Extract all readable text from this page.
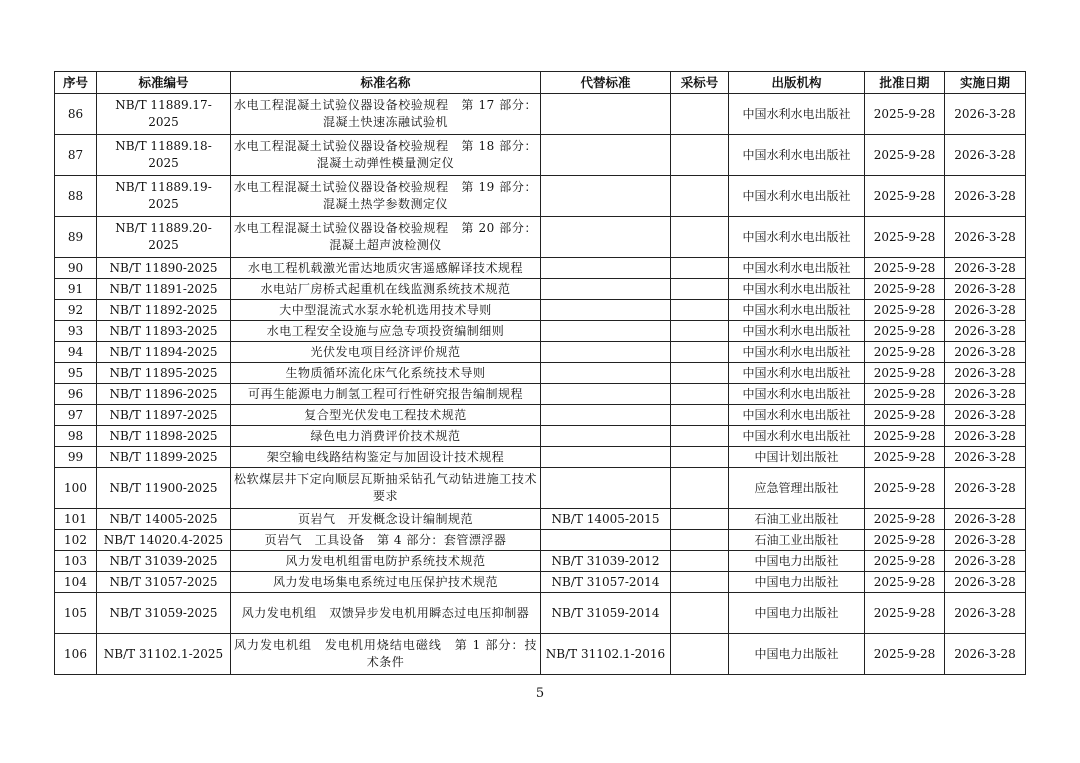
序号	标准编号	标准名称	代替标准	采标号	出版机构	批准日期	实施日期
86	NB/T 11889.17-2025	水电工程混凝土试验仪器设备校验规程　第 17 部分：混凝土快速冻融试验机			中国水利水电出版社	2025-9-28	2026-3-28
87	NB/T 11889.18-2025	水电工程混凝土试验仪器设备校验规程　第 18 部分：混凝土动弹性模量测定仪			中国水利水电出版社	2025-9-28	2026-3-28
88	NB/T 11889.19-2025	水电工程混凝土试验仪器设备校验规程　第 19 部分：混凝土热学参数测定仪			中国水利水电出版社	2025-9-28	2026-3-28
89	NB/T 11889.20-2025	水电工程混凝土试验仪器设备校验规程　第 20 部分：混凝土超声波检测仪			中国水利水电出版社	2025-9-28	2026-3-28
90	NB/T 11890-2025	水电工程机载激光雷达地质灾害遥感解译技术规程			中国水利水电出版社	2025-9-28	2026-3-28
91	NB/T 11891-2025	水电站厂房桥式起重机在线监测系统技术规范			中国水利水电出版社	2025-9-28	2026-3-28
92	NB/T 11892-2025	大中型混流式水泵水轮机选用技术导则			中国水利水电出版社	2025-9-28	2026-3-28
93	NB/T 11893-2025	水电工程安全设施与应急专项投资编制细则			中国水利水电出版社	2025-9-28	2026-3-28
94	NB/T 11894-2025	光伏发电项目经济评价规范			中国水利水电出版社	2025-9-28	2026-3-28
95	NB/T 11895-2025	生物质循环流化床气化系统技术导则			中国水利水电出版社	2025-9-28	2026-3-28
96	NB/T 11896-2025	可再生能源电力制氢工程可行性研究报告编制规程			中国水利水电出版社	2025-9-28	2026-3-28
97	NB/T 11897-2025	复合型光伏发电工程技术规范			中国水利水电出版社	2025-9-28	2026-3-28
98	NB/T 11898-2025	绿色电力消费评价技术规范			中国水利水电出版社	2025-9-28	2026-3-28
99	NB/T 11899-2025	架空输电线路结构鉴定与加固设计技术规程			中国计划出版社	2025-9-28	2026-3-28
100	NB/T 11900-2025	松软煤层井下定向顺层瓦斯抽采钻孔气动钻进施工技术要求			应急管理出版社	2025-9-28	2026-3-28
101	NB/T 14005-2025	页岩气　开发概念设计编制规范	NB/T 14005-2015		石油工业出版社	2025-9-28	2026-3-28
102	NB/T 14020.4-2025	页岩气　工具设备　第 4 部分：套管漂浮器			石油工业出版社	2025-9-28	2026-3-28
103	NB/T 31039-2025	风力发电机组雷电防护系统技术规范	NB/T 31039-2012		中国电力出版社	2025-9-28	2026-3-28
104	NB/T 31057-2025	风力发电场集电系统过电压保护技术规范	NB/T 31057-2014		中国电力出版社	2025-9-28	2026-3-28
105	NB/T 31059-2025	风力发电机组　双馈异步发电机用瞬态过电压抑制器	NB/T 31059-2014		中国电力出版社	2025-9-28	2026-3-28
106	NB/T 31102.1-2025	风力发电机组　发电机用烧结电磁线　第 1 部分：技术条件	NB/T 31102.1-2016		中国电力出版社	2025-9-28	2026-3-28
5
